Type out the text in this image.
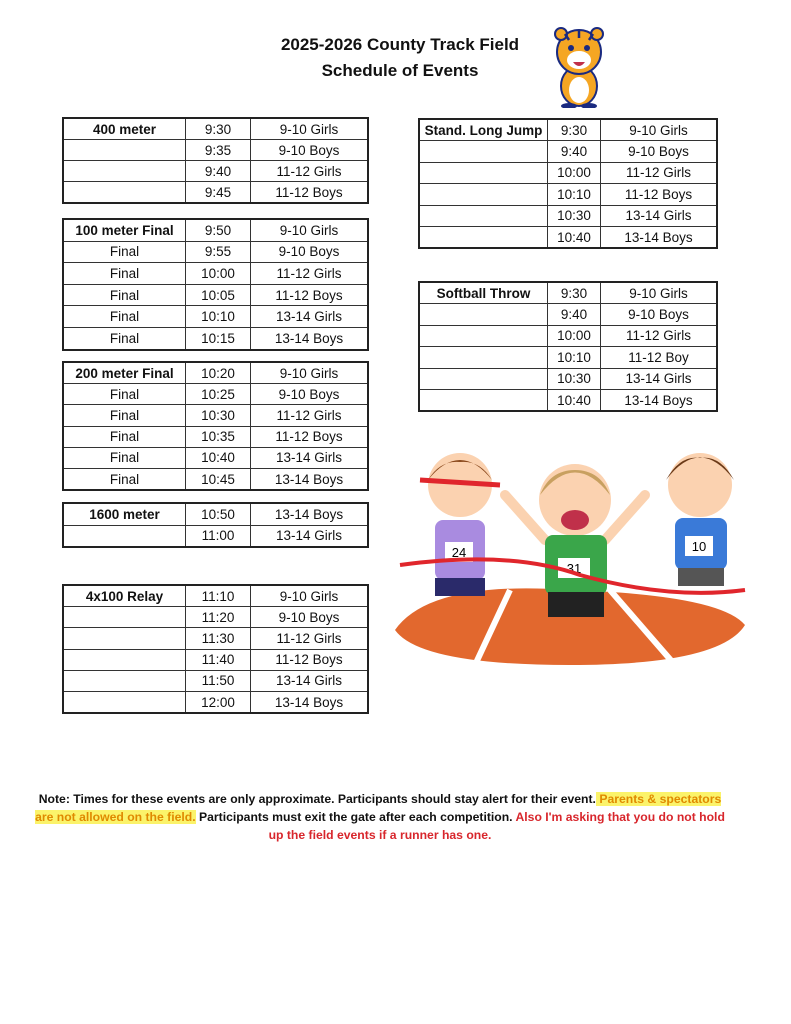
2025-2026 County Track Field
Schedule of Events
400 meter	9:30	9-10 Girls
	9:35	9-10 Boys
	9:40	11-12 Girls
	9:45	11-12 Boys
100 meter Final	9:50	9-10 Girls
Final	9:55	9-10 Boys
Final	10:00	11-12 Girls
Final	10:05	11-12 Boys
Final	10:10	13-14 Girls
Final	10:15	13-14 Boys
200 meter Final	10:20	9-10 Girls
Final	10:25	9-10 Boys
Final	10:30	11-12 Girls
Final	10:35	11-12 Boys
Final	10:40	13-14 Girls
Final	10:45	13-14 Boys
1600 meter	10:50	13-14 Boys
	11:00	13-14 Girls
4x100 Relay	11:10	9-10 Girls
	11:20	9-10 Boys
	11:30	11-12 Girls
	11:40	11-12 Boys
	11:50	13-14 Girls
	12:00	13-14 Boys
Stand. Long Jump	9:30	9-10 Girls
	9:40	9-10 Boys
	10:00	11-12 Girls
	10:10	11-12 Boys
	10:30	13-14 Girls
	10:40	13-14 Boys
Softball Throw	9:30	9-10 Girls
	9:40	9-10 Boys
	10:00	11-12 Girls
	10:10	11-12 Boy
	10:30	13-14 Girls
	10:40	13-14 Boys
24
31
10
Note: Times for these events are only approximate. Participants should stay alert for their event. Parents & spectators are not allowed on the field. Participants must exit the gate after each competition. Also I'm asking that you do not hold up the field events if a runner has one.
